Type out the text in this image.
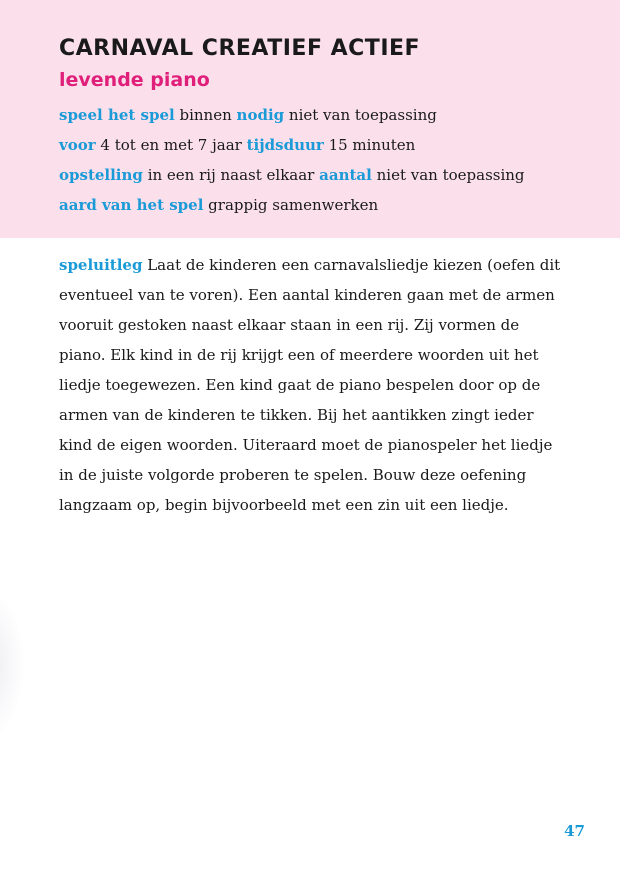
CARNAVAL CREATIEF ACTIEF
levende piano
speel het spel binnen nodig niet van toepassing
voor 4 tot en met 7 jaar tijdsduur 15 minuten
opstelling in een rij naast elkaar aantal niet van toepassing
aard van het spel grappig samenwerken

speluitleg Laat de kinderen een carnavalsliedje kiezen (oefen dit eventueel van te voren). Een aantal kinderen gaan met de armen vooruit gestoken naast elkaar staan in een rij. Zij vormen de piano. Elk kind in de rij krijgt een of meerdere woorden uit het liedje toegewezen. Een kind gaat de piano bespelen door op de armen van de kinderen te tikken. Bij het aantikken zingt ieder kind de eigen woorden. Uiteraard moet de pianospeler het liedje in de juiste volgorde proberen te spelen. Bouw deze oefening langzaam op, begin bijvoorbeeld met een zin uit een liedje.

47
